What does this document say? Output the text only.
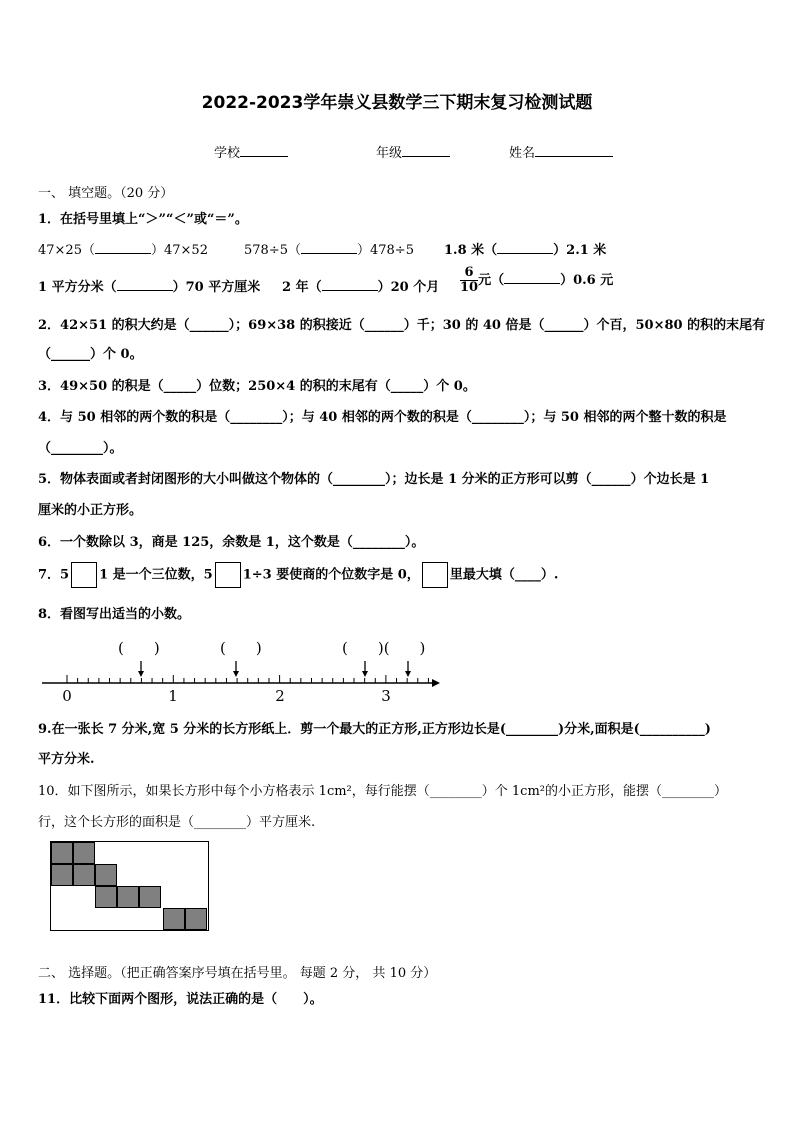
2022-2023学年崇义县数学三下期末复习检测试题
学校	年级	姓名
一、 填空题。（20 分）
1．在括号里填上“＞”“＜”或“＝”。
47×25（	）47×52	578÷5（	）478÷5 1.8 米（	）2.1 米
1 平方分米（	）70 平方厘米 2 年（	）20 个月 $\frac{6}{10}$ 元（	）0.6 元
2．42×51 的积大约是（______）；69×38 的积接近（______）千；30 的 40 倍是（______）个百，50×80 的积的末尾有
（______）个 0。
3．49×50 的积是（_____）位数；250×4 的积的末尾有（_____）个 0。
4．与 50 相邻的两个数的积是（________）；与 40 相邻的两个数的积是（________）；与 50 相邻的两个整十数的积是
（________）。
5．物体表面或者封闭图形的大小叫做这个物体的（________）；边长是 1 分米的正方形可以剪（______）个边长是 1
厘米的小正方形。
6．一个数除以 3，商是 125，余数是 1，这个数是（________）。
7．5 1 是一个三位数，5 1÷3 要使商的个位数字是 0， 里最大填（____）.
8．看图写出适当的小数。
(　　)	(　　)	(　　)(　　)
0	1	2	3
9.在一张长 7 分米,宽 5 分米的长方形纸上．剪一个最大的正方形,正方形边长是(________)分米,面积是(__________)
平方分米.
10．如下图所示，如果长方形中每个小方格表示 1cm²，每行能摆（________）个 1cm²的小正方形，能摆（________）
行，这个长方形的面积是（________）平方厘米.
二、 选择题。（把正确答案序号填在括号里。 每题 2 分， 共 10 分）
11．比较下面两个图形，说法正确的是（　　）。
